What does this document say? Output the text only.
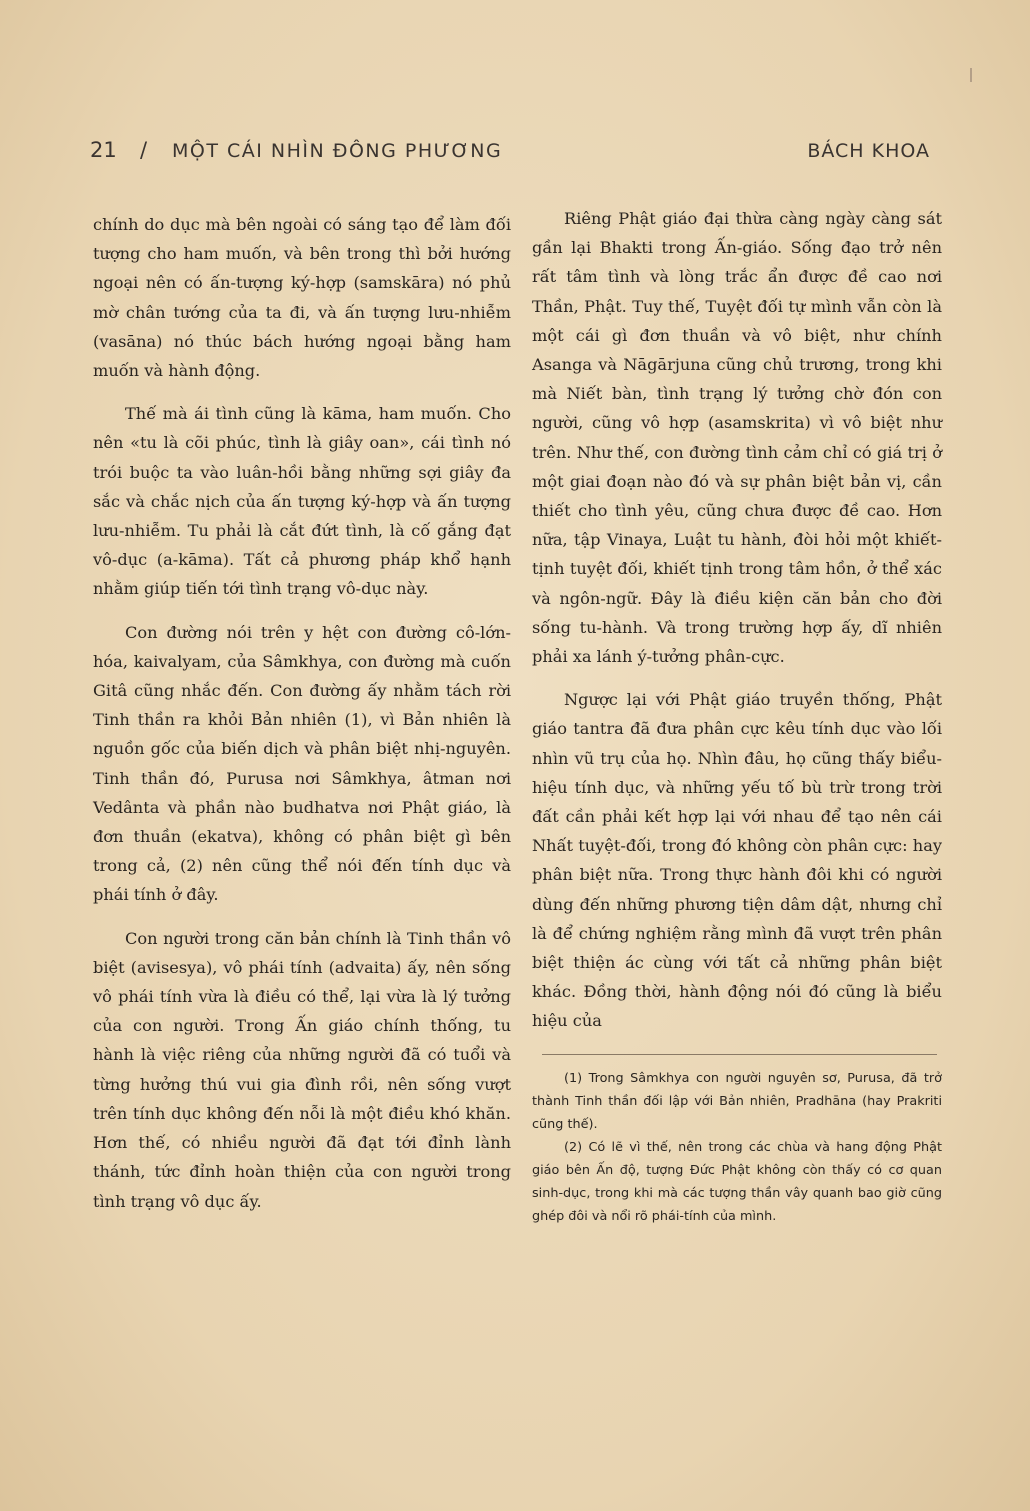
21 / MỘT CÁI NHÌN ĐÔNG PHƯƠNG	BÁCH KHOA

chính do dục mà bên ngoài có sáng tạo để làm đối tượng cho ham muốn, và bên trong thì bởi hướng ngoại nên có ấn-tượng ký-hợp (samskāra) nó phủ mờ chân tướng của ta đi, và ấn tượng lưu-nhiễm (vasāna) nó thúc bách hướng ngoại bằng ham muốn và hành động.

Thế mà ái tình cũng là kāma, ham muốn. Cho nên «tu là cõi phúc, tình là giây oan», cái tình nó trói buộc ta vào luân-hồi bằng những sợi giây đa sắc và chắc nịch của ấn tượng ký-hợp và ấn tượng lưu-nhiễm. Tu phải là cắt đứt tình, là cố gắng đạt vô-dục (a-kāma). Tất cả phương pháp khổ hạnh nhằm giúp tiến tới tình trạng vô-dục này.

Con đường nói trên y hệt con đường cô-lớn-hóa, kaivalyam, của Sâmkhya, con đường mà cuốn Gitâ cũng nhắc đến. Con đường ấy nhằm tách rời Tinh thần ra khỏi Bản nhiên (1), vì Bản nhiên là nguồn gốc của biến dịch và phân biệt nhị-nguyên. Tinh thần đó, Purusa nơi Sâmkhya, âtman nơi Vedânta và phần nào budhatva nơi Phật giáo, là đơn thuần (ekatva), không có phân biệt gì bên trong cả, (2) nên cũng thể nói đến tính dục và phái tính ở đây.

Con người trong căn bản chính là Tinh thần vô biệt (avisesya), vô phái tính (advaita) ấy, nên sống vô phái tính vừa là điều có thể, lại vừa là lý tưởng của con người. Trong Ấn giáo chính thống, tu hành là việc riêng của những người đã có tuổi và từng hưởng thú vui gia đình rồi, nên sống vượt trên tính dục không đến nỗi là một điều khó khăn. Hơn thế, có nhiều người đã đạt tới đỉnh lành thánh, tức đỉnh hoàn thiện của con người trong tình trạng vô dục ấy.

Riêng Phật giáo đại thừa càng ngày càng sát gần lại Bhakti trong Ấn-giáo. Sống đạo trở nên rất tâm tình và lòng trắc ẩn được đề cao nơi Thần, Phật. Tuy thế, Tuyệt đối tự mình vẫn còn là một cái gì đơn thuần và vô biệt, như chính Asanga và Nāgārjuna cũng chủ trương, trong khi mà Niết bàn, tình trạng lý tưởng chờ đón con người, cũng vô hợp (asamskrita) vì vô biệt như trên. Như thế, con đường tình cảm chỉ có giá trị ở một giai đoạn nào đó và sự phân biệt bản vị, cần thiết cho tình yêu, cũng chưa được đề cao. Hơn nữa, tập Vinaya, Luật tu hành, đòi hỏi một khiết-tịnh tuyệt đối, khiết tịnh trong tâm hồn, ở thể xác và ngôn-ngữ. Đây là điều kiện căn bản cho đời sống tu-hành. Và trong trường hợp ấy, dĩ nhiên phải xa lánh ý-tưởng phân-cực.

Ngược lại với Phật giáo truyền thống, Phật giáo tantra đã đưa phân cực kêu tính dục vào lối nhìn vũ trụ của họ. Nhìn đâu, họ cũng thấy biểu-hiệu tính dục, và những yếu tố bù trừ trong trời đất cần phải kết hợp lại với nhau để tạo nên cái Nhất tuyệt-đối, trong đó không còn phân cực: hay phân biệt nữa. Trong thực hành đôi khi có người dùng đến những phương tiện dâm dật, nhưng chỉ là để chứng nghiệm rằng mình đã vượt trên phân biệt thiện ác cùng với tất cả những phân biệt khác. Đồng thời, hành động nói đó cũng là biểu hiệu của

(1) Trong Sâmkhya con người nguyên sơ, Purusa, đã trở thành Tinh thần đối lập với Bản nhiên, Pradhāna (hay Prakriti cũng thế).

(2) Có lẽ vì thế, nên trong các chùa và hang động Phật giáo bên Ấn độ, tượng Đức Phật không còn thấy có cơ quan sinh-dục, trong khi mà các tượng thần vây quanh bao giờ cũng ghép đôi và nổi rõ phái-tính của mình.
